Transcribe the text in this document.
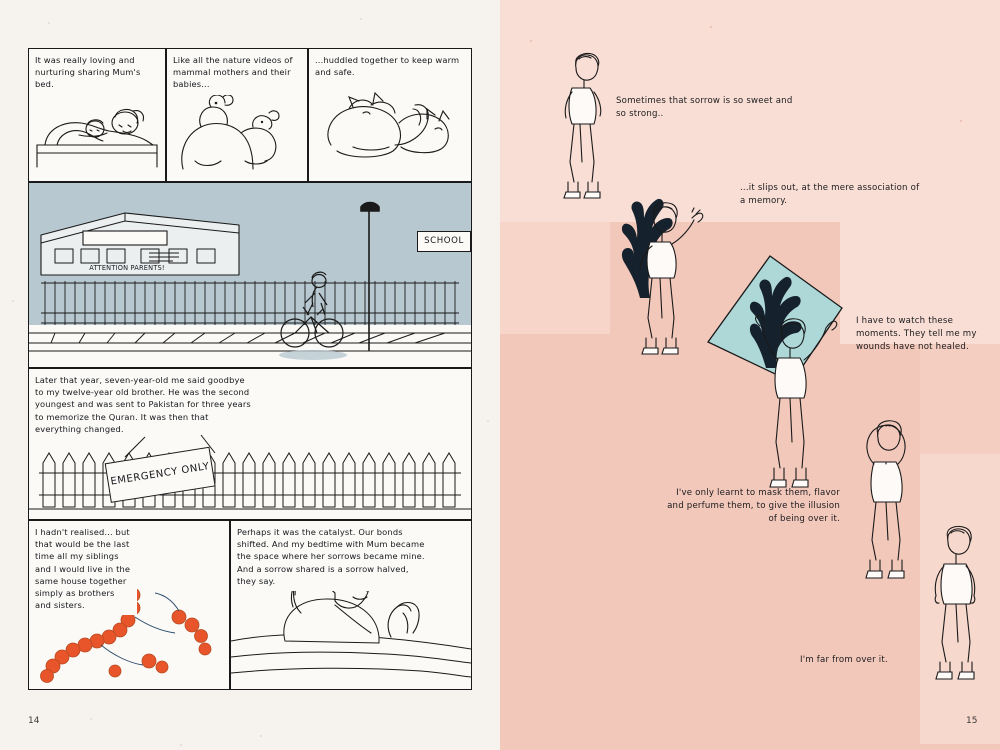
It was really loving and nurturing sharing Mum's bed.
Like all the nature videos of mammal mothers and their babies...
...huddled together to keep warm and safe.
SCHOOL
ATTENTION PARENTS!
Later that year, seven-year-old me said goodbye to my twelve-year old brother. He was the second youngest and was sent to Pakistan for three years to memorize the Quran. It was then that everything changed.
EMERGENCY ONLY
I hadn't realised... but that would be the last time all my siblings and I would live in the same house together simply as brothers and sisters.
Perhaps it was the catalyst. Our bonds shifted. And my bedtime with Mum became the space where her sorrows became mine. And a sorrow shared is a sorrow halved, they say.
14
Sometimes that sorrow is so sweet and so strong..
...it slips out, at the mere association of a memory.
I have to watch these moments. They tell me my wounds have not healed.
I've only learnt to mask them, flavor and perfume them, to give the illusion of being over it.
I'm far from over it.
15
